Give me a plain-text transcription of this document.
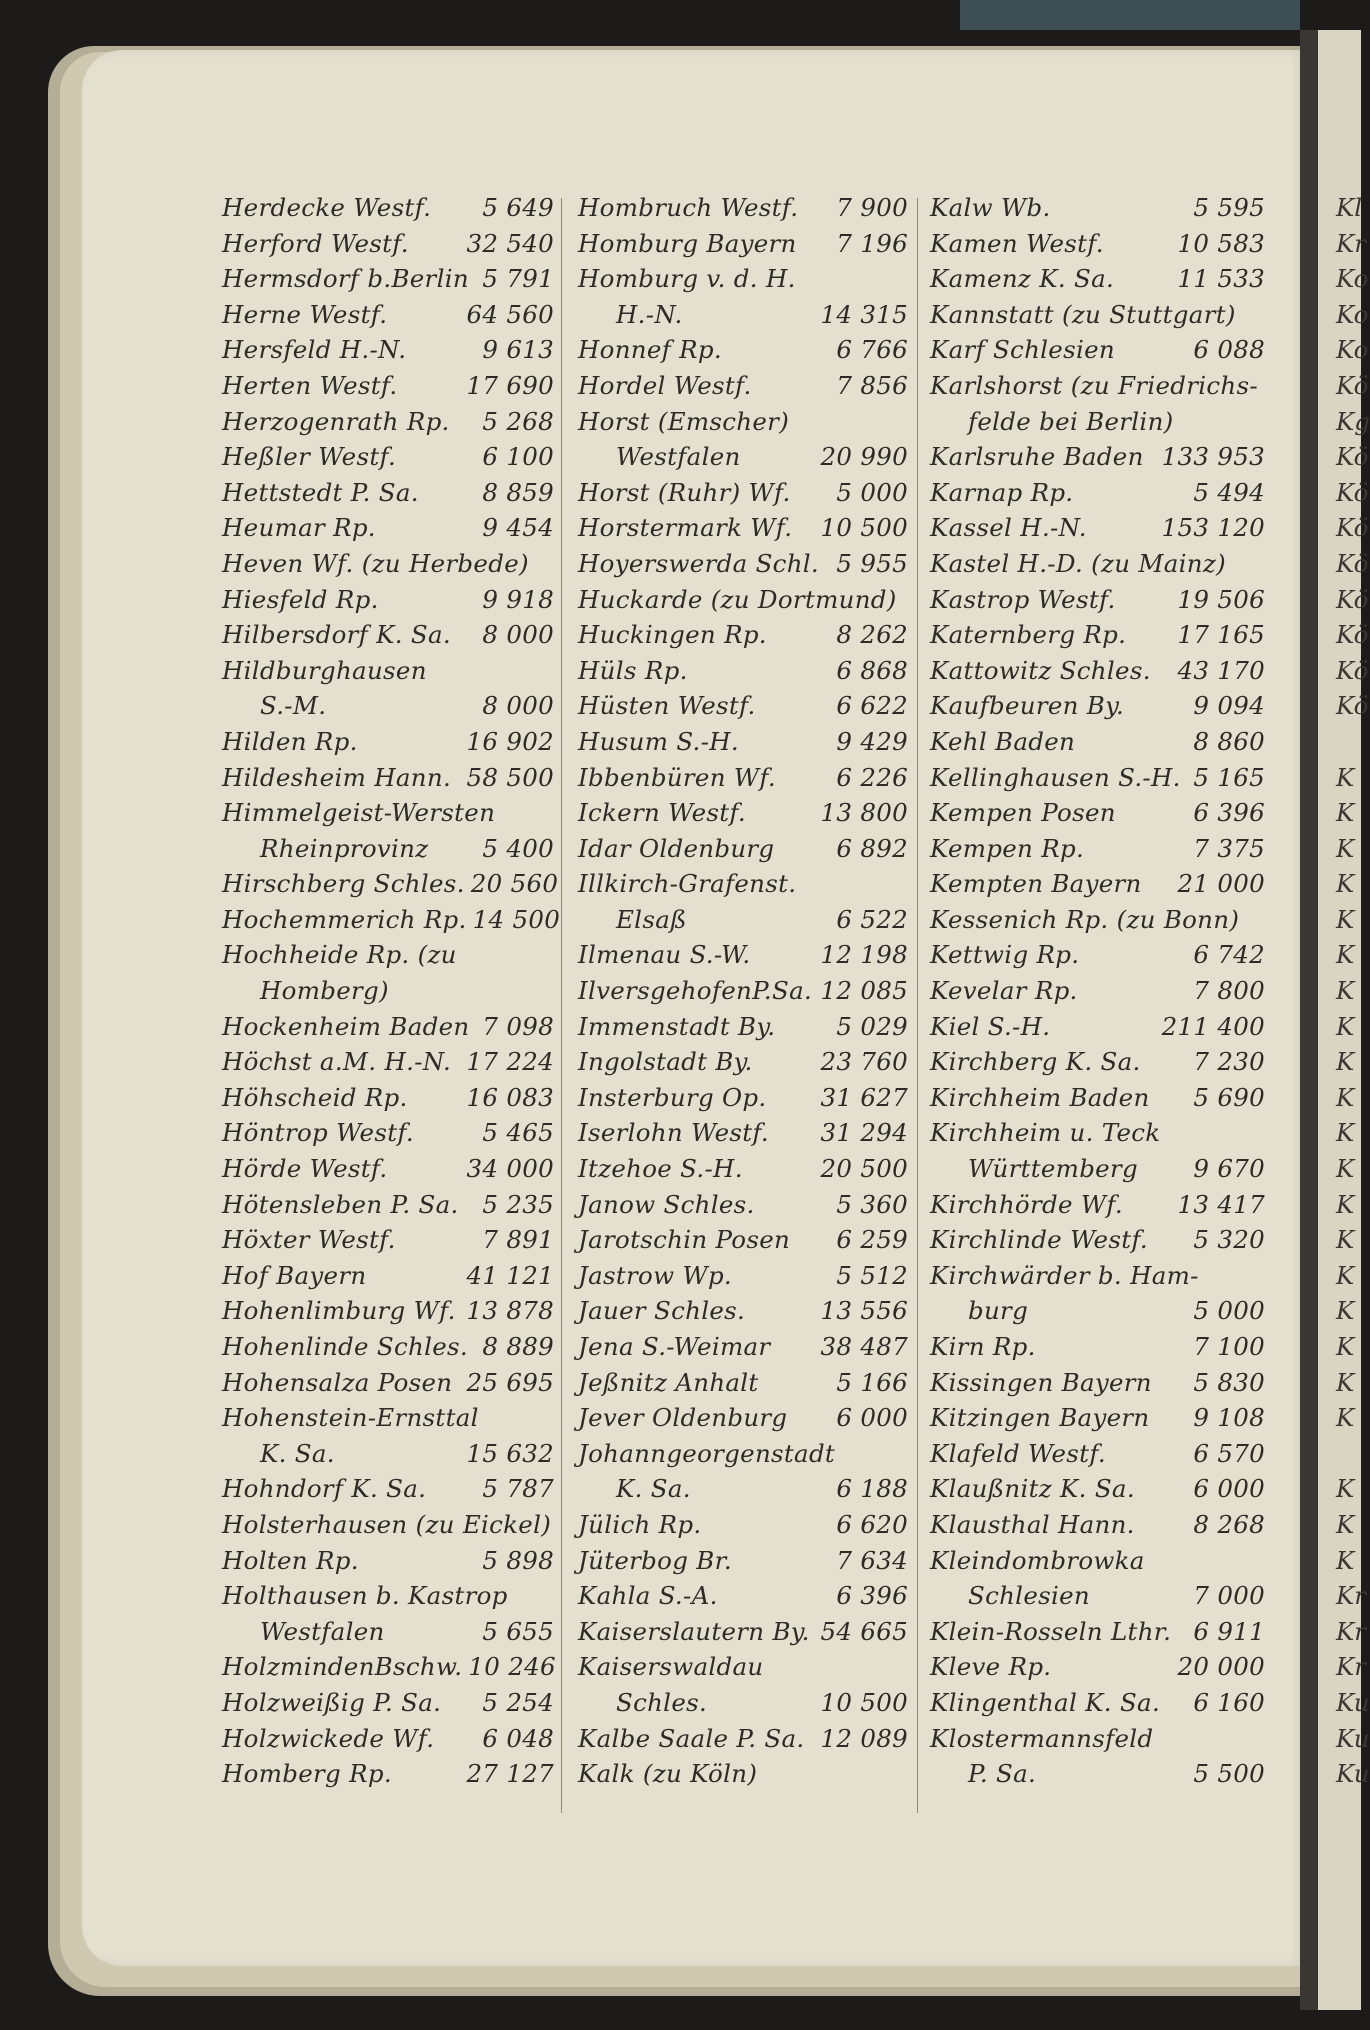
Herdecke Westf. 5 649
Herford Westf. 32 540
Hermsdorf b.Berlin 5 791
Herne Westf.	64 560
Hersfeld H.-N.	9 613
Herten Westf.	17 690
Herzogenrath Rp. 5 268
Heßler Westf.	6 100
Hettstedt P. Sa.	8 859
Heumar Rp.	9 454
Heven Wf. (zu Herbede)
Hiesfeld Rp.	9 918
Hilbersdorf K. Sa. 8 000
Hildburghausen
S.-M.	8 000
Hilden Rp.	16 902
Hildesheim Hann. 58 500
Himmelgeist-Wersten
Rheinprovinz 5 400
Hirschberg Schles. 20 560
Hochemmerich Rp. 14 500
Hochheide Rp. (zu
Homberg)
Hockenheim Baden 7 098
Höchst a.M. H.-N. 17 224
Höhscheid Rp. 16 083
Höntrop Westf.	5 465
Hörde Westf.	34 000
Hötensleben P. Sa. 5 235
Höxter Westf.	7 891
Hof Bayern	41 121
Hohenlimburg Wf. 13 878
Hohenlinde Schles. 8 889
Hohensalza Posen 25 695
Hohenstein-Ernsttal
K. Sa.	15 632
Hohndorf K. Sa. 5 787
Holsterhausen (zu Eickel)
Holten Rp.	5 898
Holthausen b. Kastrop
Westfalen	5 655
HolzmindenBschw. 10 246
Holzweißig P. Sa. 5 254
Holzwickede Wf. 6 048
Homberg Rp.	27 127
Hombruch Westf. 7 900
Homburg Bayern 7 196
Homburg v. d. H.
H.-N.	14 315
Honnef Rp.	6 766
Hordel Westf.	7 856
Horst (Emscher)
Westfalen	20 990
Horst (Ruhr) Wf. 5 000
Horstermark Wf. 10 500
Hoyerswerda Schl. 5 955
Huckarde (zu Dortmund)
Huckingen Rp.	8 262
Hüls Rp.	6 868
Hüsten Westf.	6 622
Husum S.-H.	9 429
Ibbenbüren Wf. 6 226
Ickern Westf.	13 800
Idar Oldenburg	6 892
Illkirch-Grafenst.
Elsaß	6 522
Ilmenau S.-W.	12 198
IlversgehofenP.Sa. 12 085
Immenstadt By. 5 029
Ingolstadt By.	23 760
Insterburg Op. 31 627
Iserlohn Westf. 31 294
Itzehoe S.-H.	20 500
Janow Schles.	5 360
Jarotschin Posen 6 259
Jastrow Wp.	5 512
Jauer Schles.	13 556
Jena S.-Weimar 38 487
Jeßnitz Anhalt	5 166
Jever Oldenburg 6 000
Johanngeorgenstadt
K. Sa.	6 188
Jülich Rp.	6 620
Jüterbog Br.	7 634
Kahla S.-A.	6 396
Kaiserslautern By. 54 665
Kaiserswaldau
Schles.	10 500
Kalbe Saale P. Sa. 12 089
Kalk (zu Köln)
Kalw Wb.	5 595
Kamen Westf.	10 583
Kamenz K. Sa.	11 533
Kannstatt (zu Stuttgart)
Karf Schlesien	6 088
Karlshorst (zu Friedrichs-
felde bei Berlin)
Karlsruhe Baden 133 953
Karnap Rp.	5 494
Kassel H.-N.	153 120
Kastel H.-D. (zu Mainz)
Kastrop Westf.	19 506
Katernberg Rp. 17 165
Kattowitz Schles. 43 170
Kaufbeuren By.	9 094
Kehl Baden	8 860
Kellinghausen S.-H. 5 165
Kempen Posen	6 396
Kempen Rp.	7 375
Kempten Bayern 21 000
Kessenich Rp. (zu Bonn)
Kettwig Rp.	6 742
Kevelar Rp.	7 800
Kiel S.-H.	211 400
Kirchberg K. Sa. 7 230
Kirchheim Baden 5 690
Kirchheim u. Teck
Württemberg 9 670
Kirchhörde Wf. 13 417
Kirchlinde Westf. 5 320
Kirchwärder b. Ham-
burg	5 000
Kirn Rp.	7 100
Kissingen Bayern 5 830
Kitzingen Bayern 9 108
Klafeld Westf.	6 570
Klaußnitz K. Sa. 6 000
Klausthal Hann. 8 268
Kleindombrowka
Schlesien	7 000
Klein-Rosseln Lthr. 6 911
Kleve Rp.	20 000
Klingenthal K. Sa. 6 160
Klostermannsfeld
P. Sa.	5 500
Kl
Kr
Ko
Ko
Ko
Kö
Kg
Kö
Kö
Kö
Kö
Kö
Kö
Kö
Kö
K
K
K
K
K
K
K
K
K
K
K
K
K
K
K
K
K
K
K
K
K
K
Kr
Kr
Kr
Ku
Ku
Ku
